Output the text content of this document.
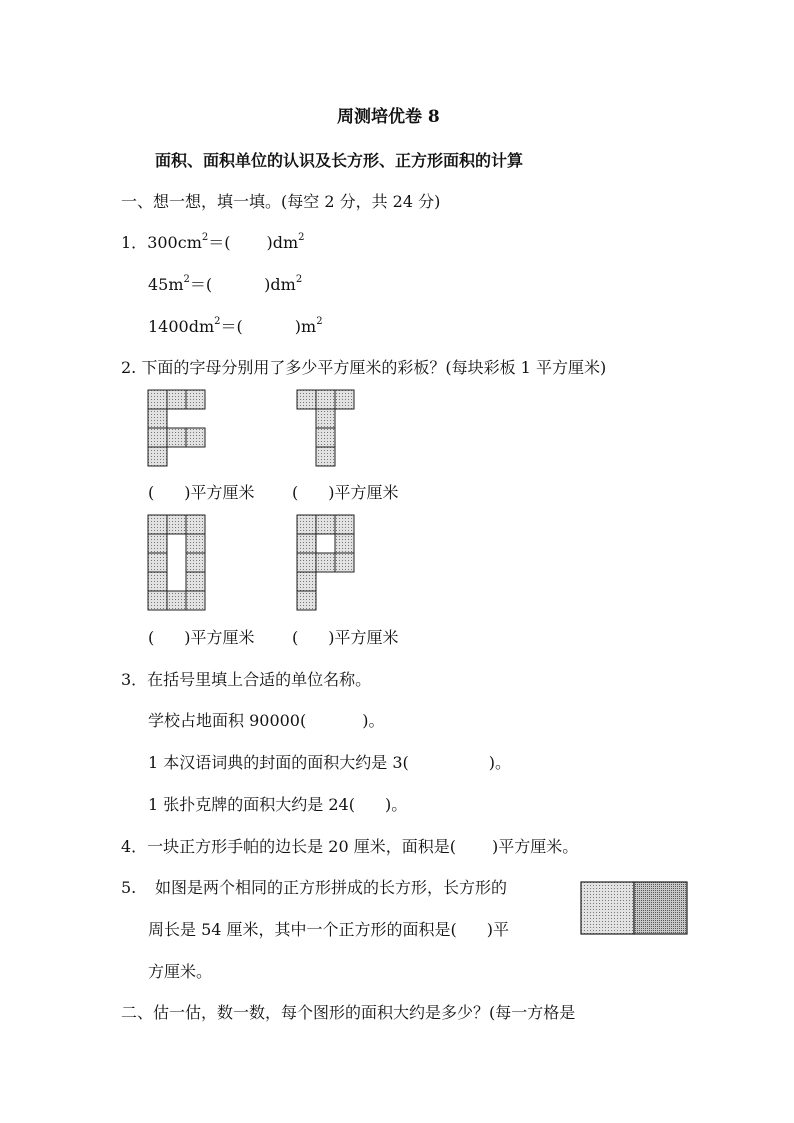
周测培优卷 8
面积、面积单位的认识及长方形、正方形面积的计算
一、想一想，填一填。(每空 2 分，共 24 分)
1．$300cm^2=$( )$dm^2$
$45m^2=$(	)$dm^2$
$1400dm^2=$(	)$m^2$
2. 下面的字母分别用了多少平方厘米的彩板？(每块彩板 1 平方厘米)
( )平方厘米 ( )平方厘米
( )平方厘米 ( )平方厘米
3．在括号里填上合适的单位名称。
学校占地面积 90000(	)。
1 本汉语词典的封面的面积大约是 3(	)。
1 张扑克牌的面积大约是 24( )。
4．一块正方形手帕的边长是 20 厘米，面积是( )平方厘米。
5. 如图是两个相同的正方形拼成的长方形，长方形的
周长是 54 厘米，其中一个正方形的面积是( )平
方厘米。
二、估一估，数一数，每个图形的面积大约是多少？(每一方格是
